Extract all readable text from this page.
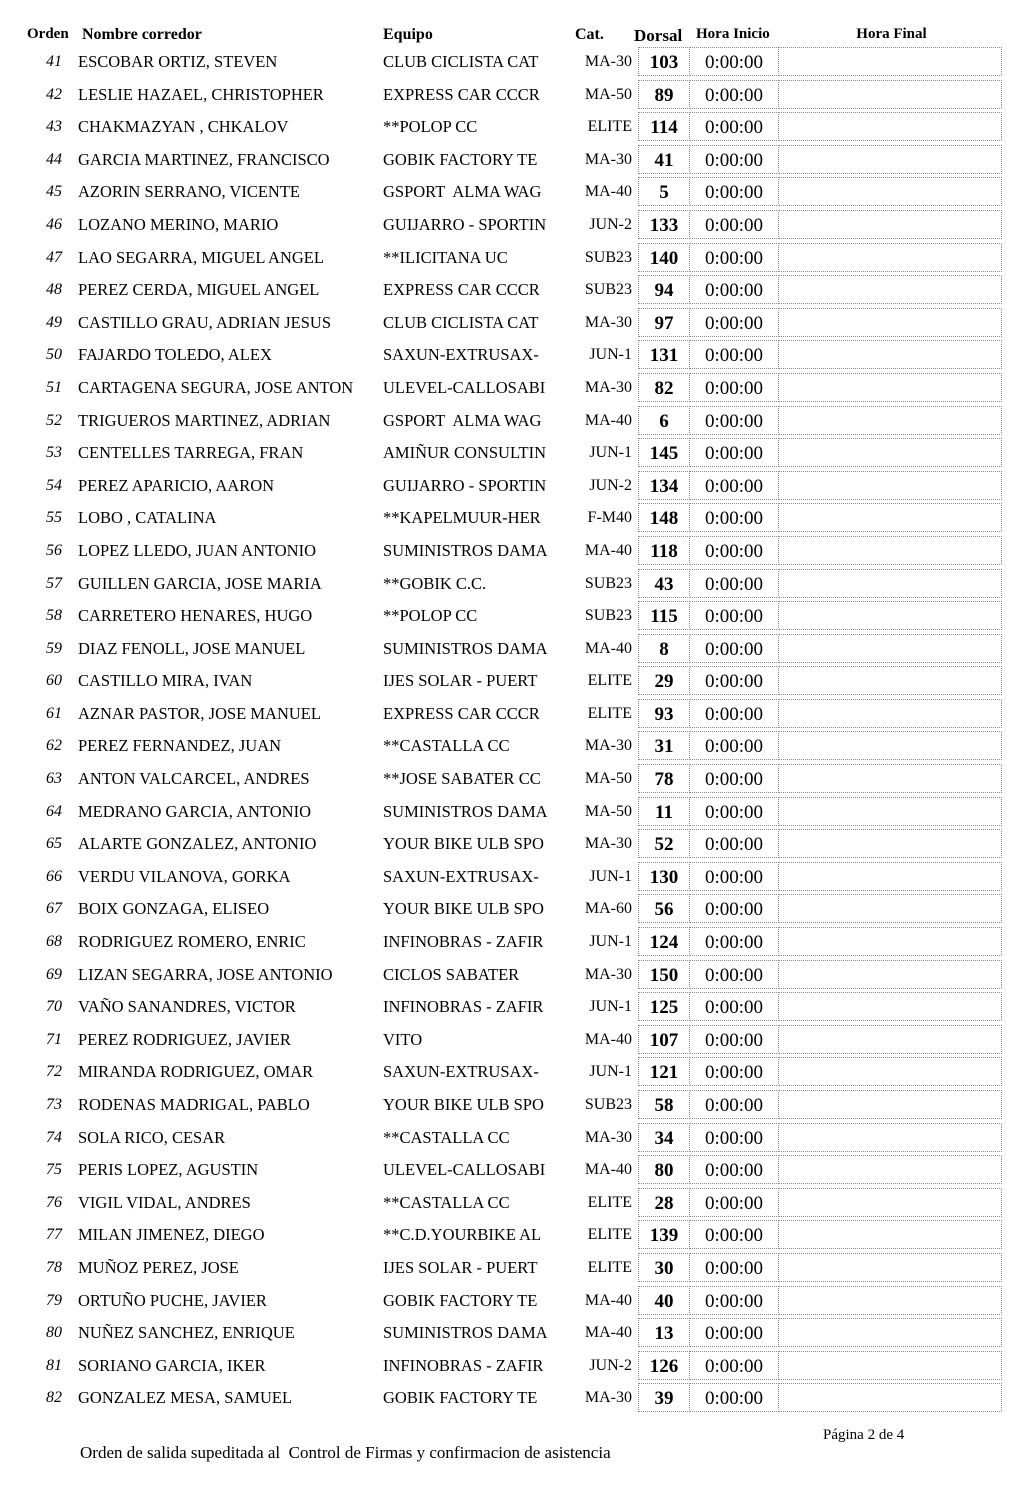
Orden Nombre corredor	Equipo	Cat. Dorsal Hora Inicio	Hora Final
41 ESCOBAR ORTIZ, STEVEN	CLUB CICLISTA CAT	MA-30 103	0:00:00
42 LESLIE HAZAEL, CHRISTOPHER	EXPRESS CAR CCCR	MA-50	89	0:00:00
43 CHAKMAZYAN , CHKALOV	**POLOP CC	ELITE 114	0:00:00
44 GARCIA MARTINEZ, FRANCISCO	GOBIK FACTORY TE	MA-30	41	0:00:00
45 AZORIN SERRANO, VICENTE	GSPORT  ALMA WAG	MA-40	5	0:00:00
46 LOZANO MERINO, MARIO	GUIJARRO - SPORTIN	JUN-2 133	0:00:00
47 LAO SEGARRA, MIGUEL ANGEL	**ILICITANA UC	SUB23 140	0:00:00
48 PEREZ CERDA, MIGUEL ANGEL	EXPRESS CAR CCCR	SUB23	94	0:00:00
49 CASTILLO GRAU, ADRIAN JESUS	CLUB CICLISTA CAT	MA-30	97	0:00:00
50 FAJARDO TOLEDO, ALEX	SAXUN-EXTRUSAX-	JUN-1 131	0:00:00
51 CARTAGENA SEGURA, JOSE ANTON	ULEVEL-CALLOSABI	MA-30	82	0:00:00
52 TRIGUEROS MARTINEZ, ADRIAN	GSPORT  ALMA WAG	MA-40	6	0:00:00
53 CENTELLES TARREGA, FRAN	AMIÑUR CONSULTIN	JUN-1 145	0:00:00
54 PEREZ APARICIO, AARON	GUIJARRO - SPORTIN	JUN-2 134	0:00:00
55 LOBO , CATALINA	**KAPELMUUR-HER	F-M40 148	0:00:00
56 LOPEZ LLEDO, JUAN ANTONIO	SUMINISTROS DAMA	MA-40 118	0:00:00
57 GUILLEN GARCIA, JOSE MARIA	**GOBIK C.C.	SUB23	43	0:00:00
58 CARRETERO HENARES, HUGO	**POLOP CC	SUB23 115	0:00:00
59 DIAZ FENOLL, JOSE MANUEL	SUMINISTROS DAMA	MA-40	8	0:00:00
60 CASTILLO MIRA, IVAN	IJES SOLAR - PUERT	ELITE	29	0:00:00
61 AZNAR PASTOR, JOSE MANUEL	EXPRESS CAR CCCR	ELITE	93	0:00:00
62 PEREZ FERNANDEZ, JUAN	**CASTALLA CC	MA-30	31	0:00:00
63 ANTON VALCARCEL, ANDRES	**JOSE SABATER CC	MA-50	78	0:00:00
64 MEDRANO GARCIA, ANTONIO	SUMINISTROS DAMA	MA-50	11	0:00:00
65 ALARTE GONZALEZ, ANTONIO	YOUR BIKE ULB SPO	MA-30	52	0:00:00
66 VERDU VILANOVA, GORKA	SAXUN-EXTRUSAX-	JUN-1 130	0:00:00
67 BOIX GONZAGA, ELISEO	YOUR BIKE ULB SPO	MA-60	56	0:00:00
68 RODRIGUEZ ROMERO, ENRIC	INFINOBRAS - ZAFIR	JUN-1 124	0:00:00
69 LIZAN SEGARRA, JOSE ANTONIO	CICLOS SABATER	MA-30 150	0:00:00
70 VAÑO SANANDRES, VICTOR	INFINOBRAS - ZAFIR	JUN-1 125	0:00:00
71 PEREZ RODRIGUEZ, JAVIER	VITO	MA-40 107	0:00:00
72 MIRANDA RODRIGUEZ, OMAR	SAXUN-EXTRUSAX-	JUN-1 121	0:00:00
73 RODENAS MADRIGAL, PABLO	YOUR BIKE ULB SPO	SUB23	58	0:00:00
74 SOLA RICO, CESAR	**CASTALLA CC	MA-30	34	0:00:00
75 PERIS LOPEZ, AGUSTIN	ULEVEL-CALLOSABI	MA-40	80	0:00:00
76 VIGIL VIDAL, ANDRES	**CASTALLA CC	ELITE	28	0:00:00
77 MILAN JIMENEZ, DIEGO	**C.D.YOURBIKE AL	ELITE 139	0:00:00
78 MUÑOZ PEREZ, JOSE	IJES SOLAR - PUERT	ELITE	30	0:00:00
79 ORTUÑO PUCHE, JAVIER	GOBIK FACTORY TE	MA-40	40	0:00:00
80 NUÑEZ SANCHEZ, ENRIQUE	SUMINISTROS DAMA	MA-40	13	0:00:00
81 SORIANO GARCIA, IKER	INFINOBRAS - ZAFIR	JUN-2 126	0:00:00
82 GONZALEZ MESA, SAMUEL	GOBIK FACTORY TE	MA-30	39	0:00:00
Página 2 de 4
Orden de salida supeditada al  Control de Firmas y confirmacion de asistencia
